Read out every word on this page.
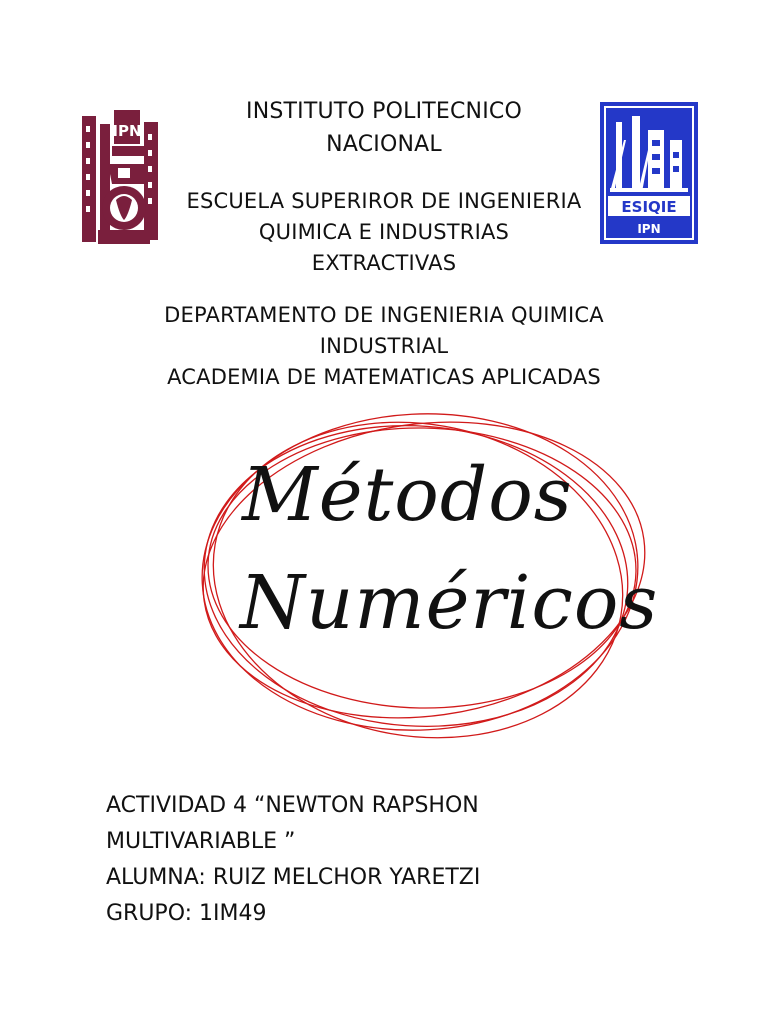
IPN
ESIQIE
IPN
INSTITUTO POLITECNICO
NACIONAL
ESCUELA SUPERIROR DE INGENIERIA
QUIMICA E INDUSTRIAS
EXTRACTIVAS
DEPARTAMENTO DE INGENIERIA QUIMICA
INDUSTRIAL
ACADEMIA DE MATEMATICAS APLICADAS
Métodos
Numéricos
ACTIVIDAD 4 “NEWTON RAPSHON
MULTIVARIABLE ”
ALUMNA: RUIZ MELCHOR YARETZI
GRUPO: 1IM49
